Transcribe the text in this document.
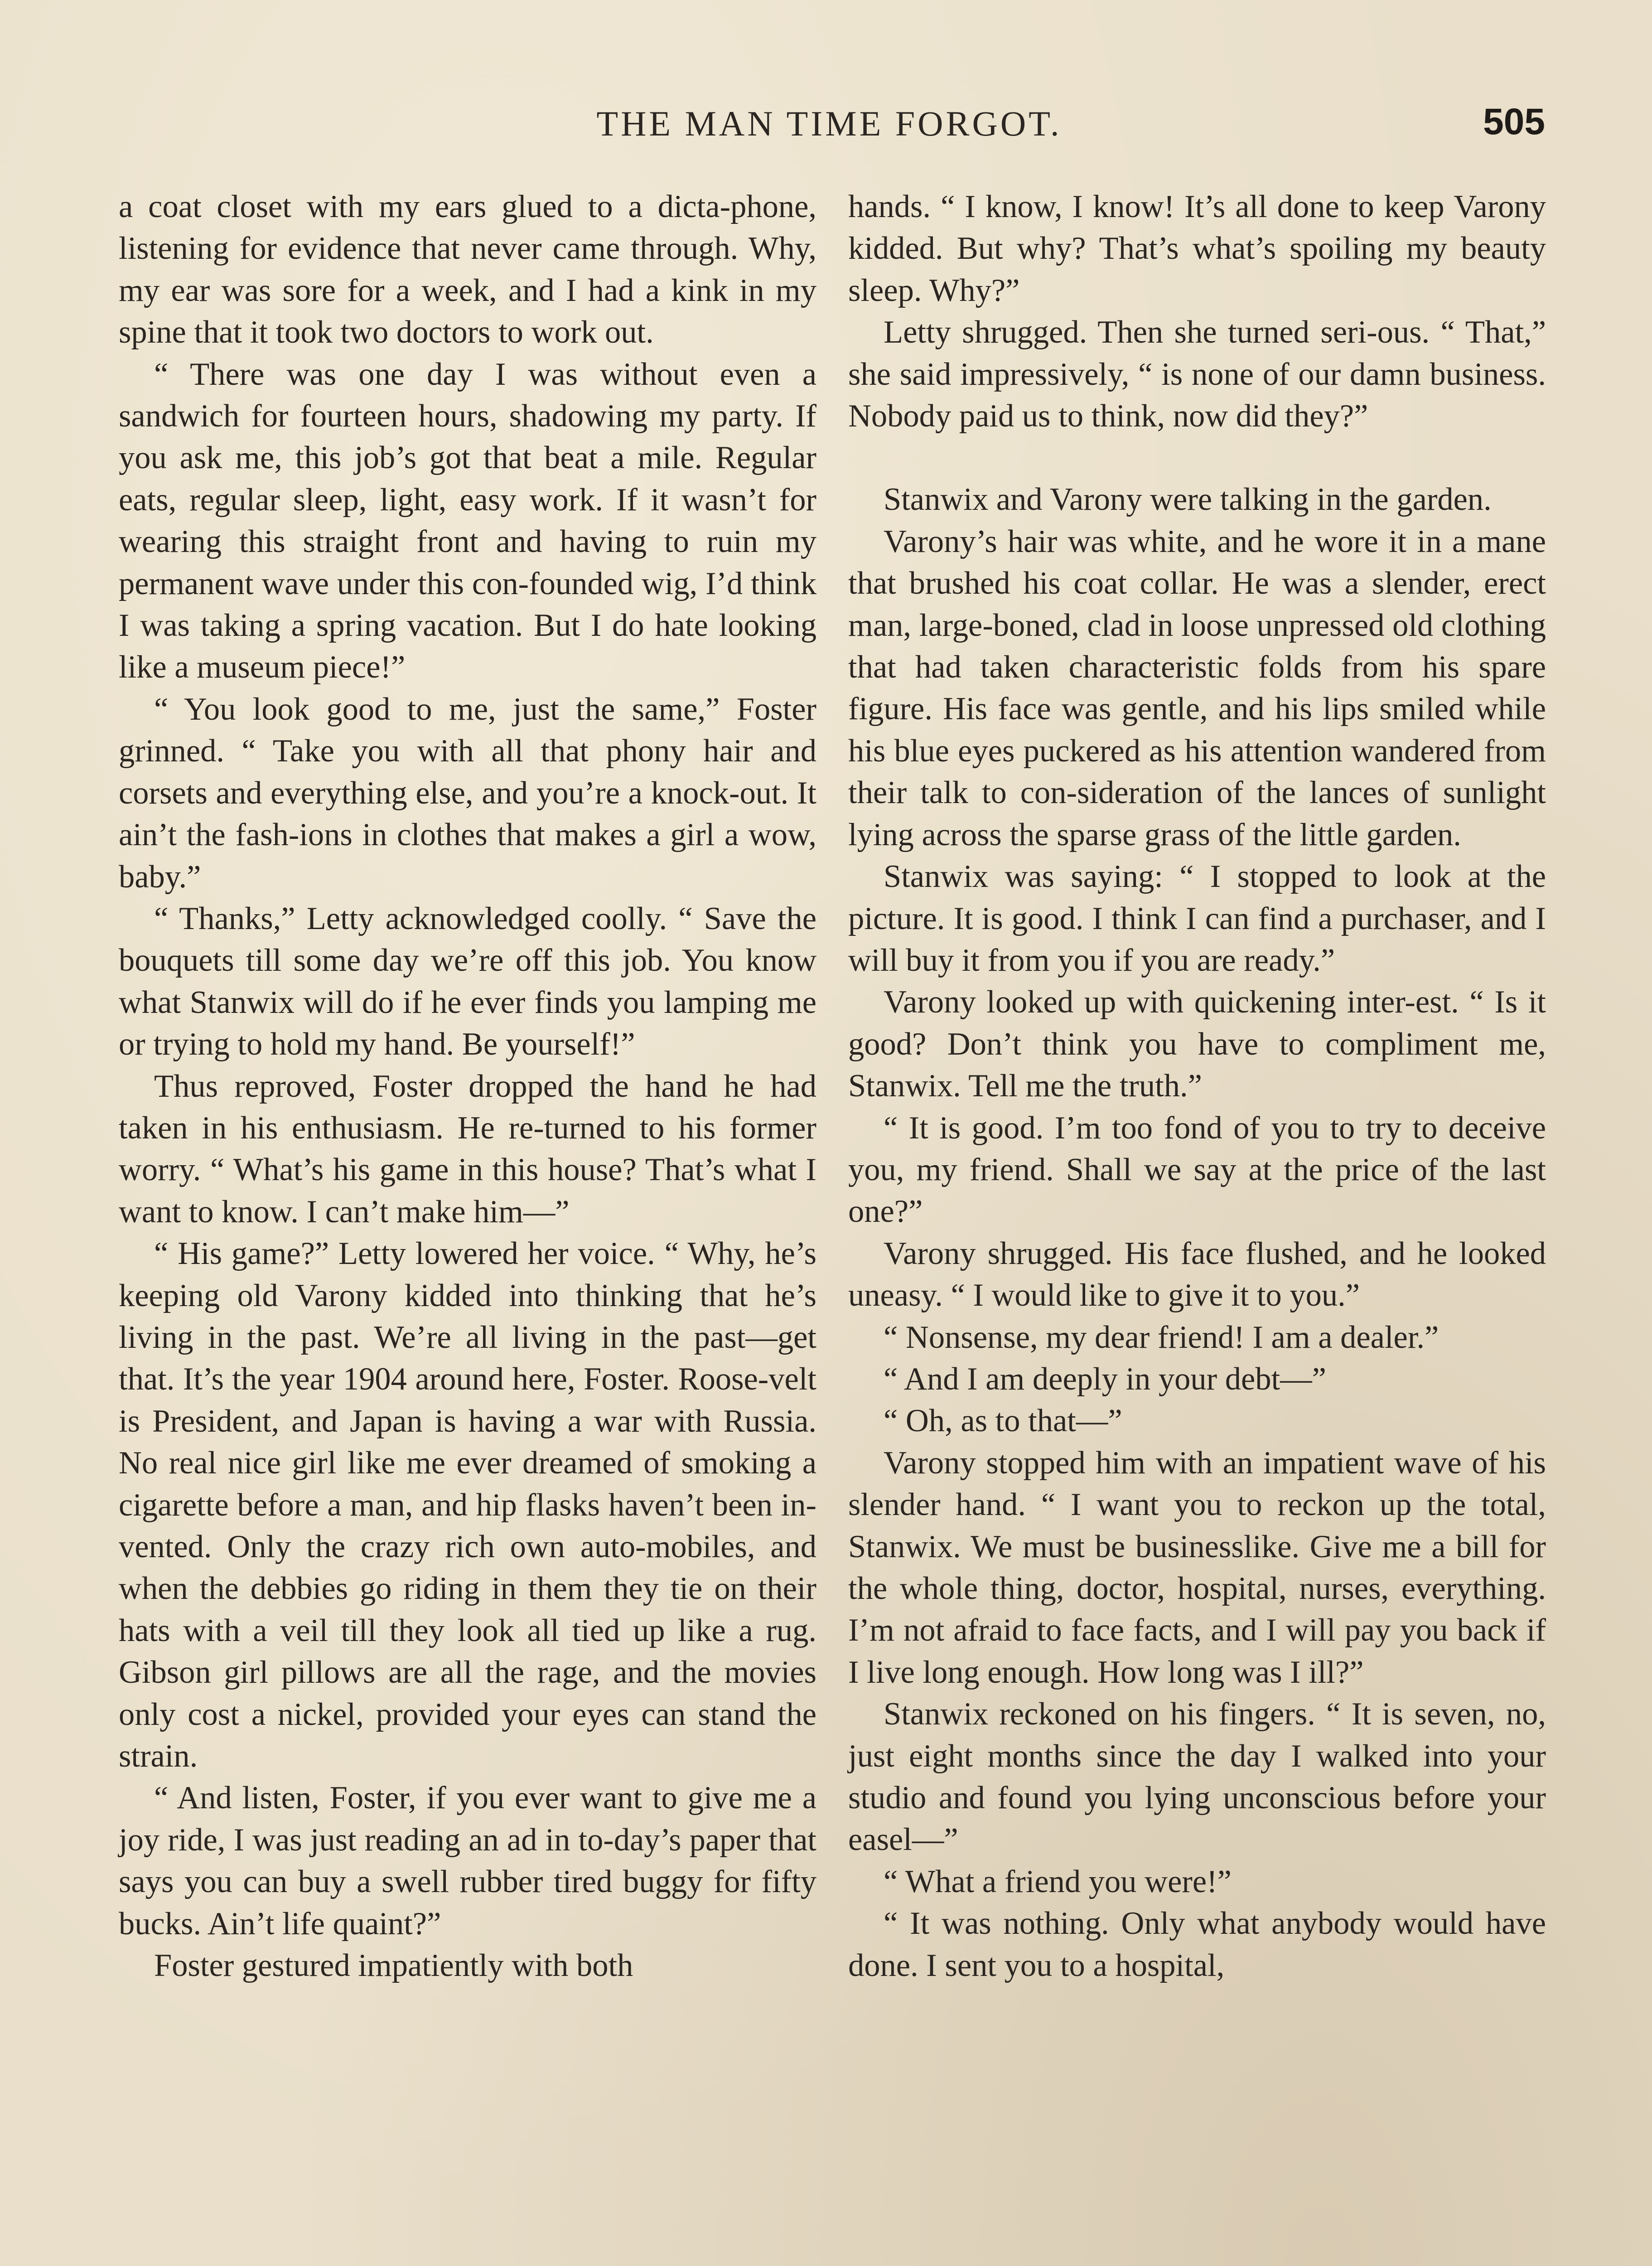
THE MAN TIME FORGOT.	505

a coat closet with my ears glued to a dicta-phone, listening for evidence that never came through. Why, my ear was sore for a week, and I had a kink in my spine that it took two doctors to work out.

“ There was one day I was without even a sandwich for fourteen hours, shadowing my party. If you ask me, this job’s got that beat a mile. Regular eats, regular sleep, light, easy work. If it wasn’t for wearing this straight front and having to ruin my permanent wave under this con-founded wig, I’d think I was taking a spring vacation. But I do hate looking like a museum piece!”

“ You look good to me, just the same,” Foster grinned. “ Take you with all that phony hair and corsets and everything else, and you’re a knock-out. It ain’t the fash-ions in clothes that makes a girl a wow, baby.”

“ Thanks,” Letty acknowledged coolly. “ Save the bouquets till some day we’re off this job. You know what Stanwix will do if he ever finds you lamping me or trying to hold my hand. Be yourself!”

Thus reproved, Foster dropped the hand he had taken in his enthusiasm. He re-turned to his former worry. “ What’s his game in this house? That’s what I want to know. I can’t make him—”

“ His game?” Letty lowered her voice. “ Why, he’s keeping old Varony kidded into thinking that he’s living in the past. We’re all living in the past—get that. It’s the year 1904 around here, Foster. Roose-velt is President, and Japan is having a war with Russia. No real nice girl like me ever dreamed of smoking a cigarette before a man, and hip flasks haven’t been in-vented. Only the crazy rich own auto-mobiles, and when the debbies go riding in them they tie on their hats with a veil till they look all tied up like a rug. Gibson girl pillows are all the rage, and the movies only cost a nickel, provided your eyes can stand the strain.

“ And listen, Foster, if you ever want to give me a joy ride, I was just reading an ad in to-day’s paper that says you can buy a swell rubber tired buggy for fifty bucks. Ain’t life quaint?”

Foster gestured impatiently with both

hands. “ I know, I know! It’s all done to keep Varony kidded. But why? That’s what’s spoiling my beauty sleep. Why?”

Letty shrugged. Then she turned seri-ous. “ That,” she said impressively, “ is none of our damn business. Nobody paid us to think, now did they?”

Stanwix and Varony were talking in the garden.

Varony’s hair was white, and he wore it in a mane that brushed his coat collar. He was a slender, erect man, large-boned, clad in loose unpressed old clothing that had taken characteristic folds from his spare figure. His face was gentle, and his lips smiled while his blue eyes puckered as his attention wandered from their talk to con-sideration of the lances of sunlight lying across the sparse grass of the little garden.

Stanwix was saying: “ I stopped to look at the picture. It is good. I think I can find a purchaser, and I will buy it from you if you are ready.”

Varony looked up with quickening inter-est. “ Is it good? Don’t think you have to compliment me, Stanwix. Tell me the truth.”

“ It is good. I’m too fond of you to try to deceive you, my friend. Shall we say at the price of the last one?”

Varony shrugged. His face flushed, and he looked uneasy. “ I would like to give it to you.”

“ Nonsense, my dear friend! I am a dealer.”

“ And I am deeply in your debt—”

“ Oh, as to that—”

Varony stopped him with an impatient wave of his slender hand. “ I want you to reckon up the total, Stanwix. We must be businesslike. Give me a bill for the whole thing, doctor, hospital, nurses, everything. I’m not afraid to face facts, and I will pay you back if I live long enough. How long was I ill?”

Stanwix reckoned on his fingers. “ It is seven, no, just eight months since the day I walked into your studio and found you lying unconscious before your easel—”

“ What a friend you were!”

“ It was nothing. Only what anybody would have done. I sent you to a hospital,
